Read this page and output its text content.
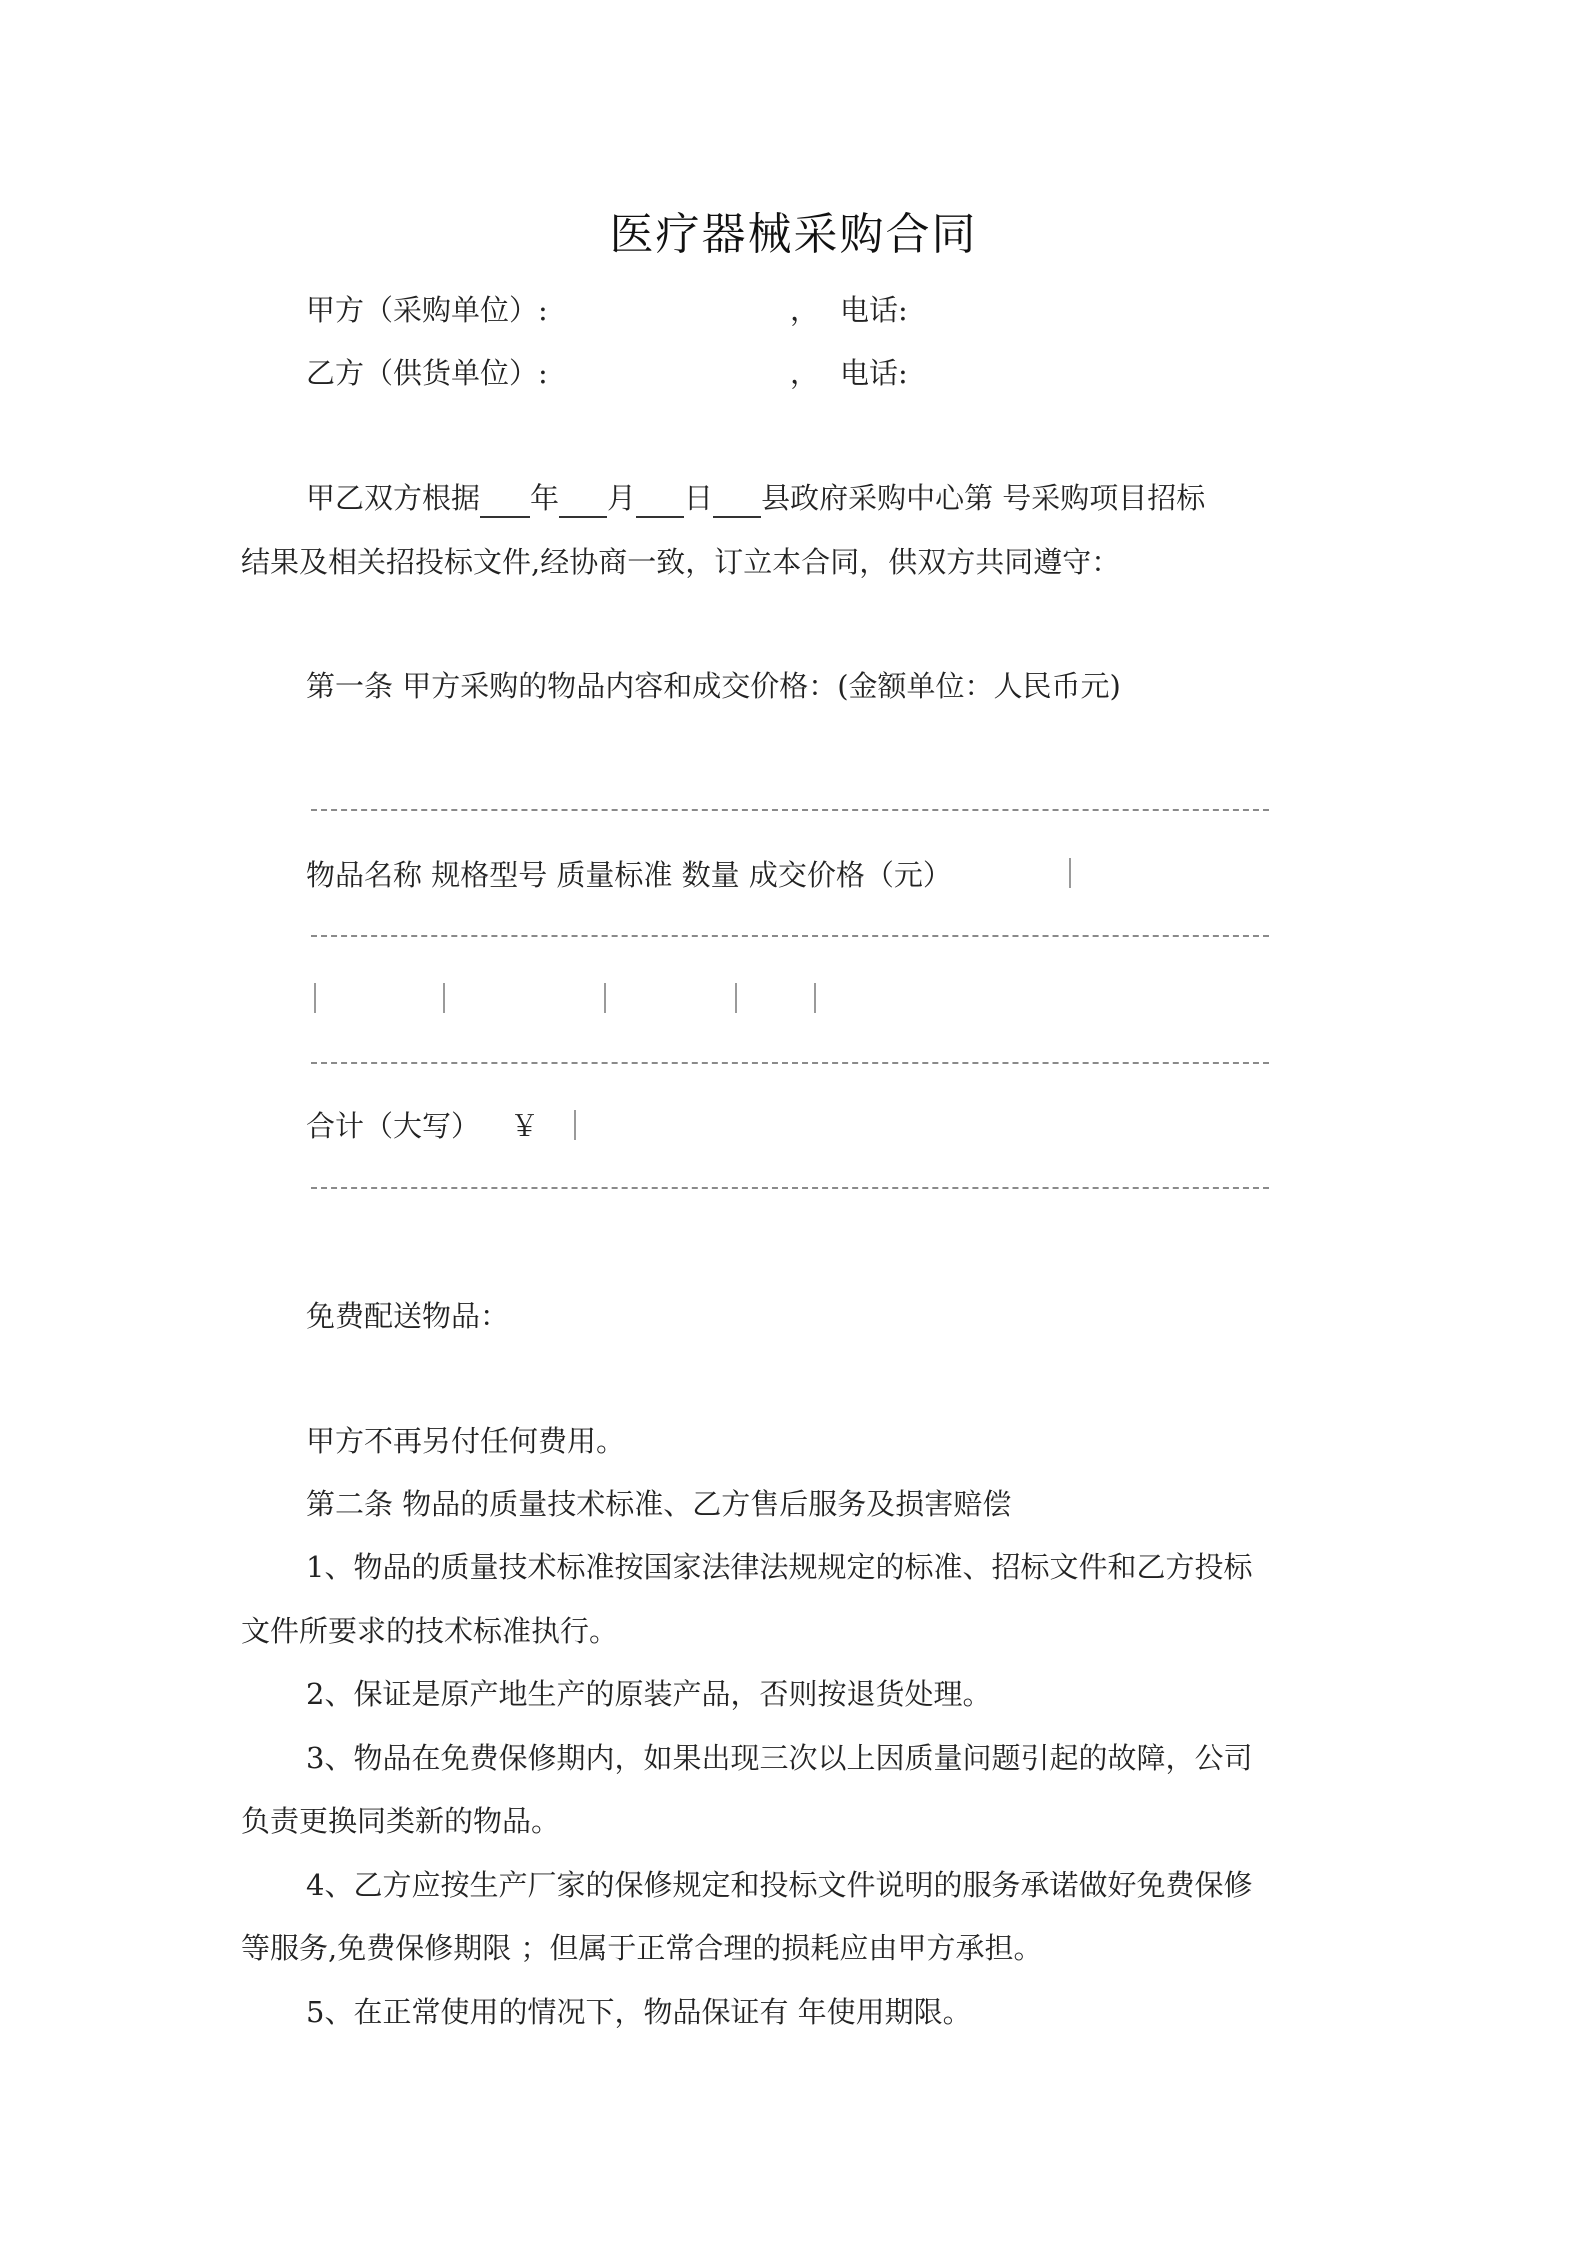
医疗器械采购合同
甲方（采购单位）:	， 电话:
乙方（供货单位）:	， 电话:
甲乙双方根据 年 月 日 县政府采购中心第 号采购项目招标
结果及相关招投标文件,经协商一致，订立本合同，供双方共同遵守：
第一条 甲方采购的物品内容和成交价格：(金额单位：人民币元)
物品名称 规格型号 质量标准 数量 成交价格（元）
合计（大写） ￥
免费配送物品：
甲方不再另付任何费用。
第二条 物品的质量技术标准、乙方售后服务及损害赔偿
1、物品的质量技术标准按国家法律法规规定的标准、招标文件和乙方投标
文件所要求的技术标准执行。
2、保证是原产地生产的原装产品，否则按退货处理。
3、物品在免费保修期内，如果出现三次以上因质量问题引起的故障，公司
负责更换同类新的物品。
4、乙方应按生产厂家的保修规定和投标文件说明的服务承诺做好免费保修
等服务,免费保修期限 ；但属于正常合理的损耗应由甲方承担。
5、在正常使用的情况下，物品保证有 年使用期限。
